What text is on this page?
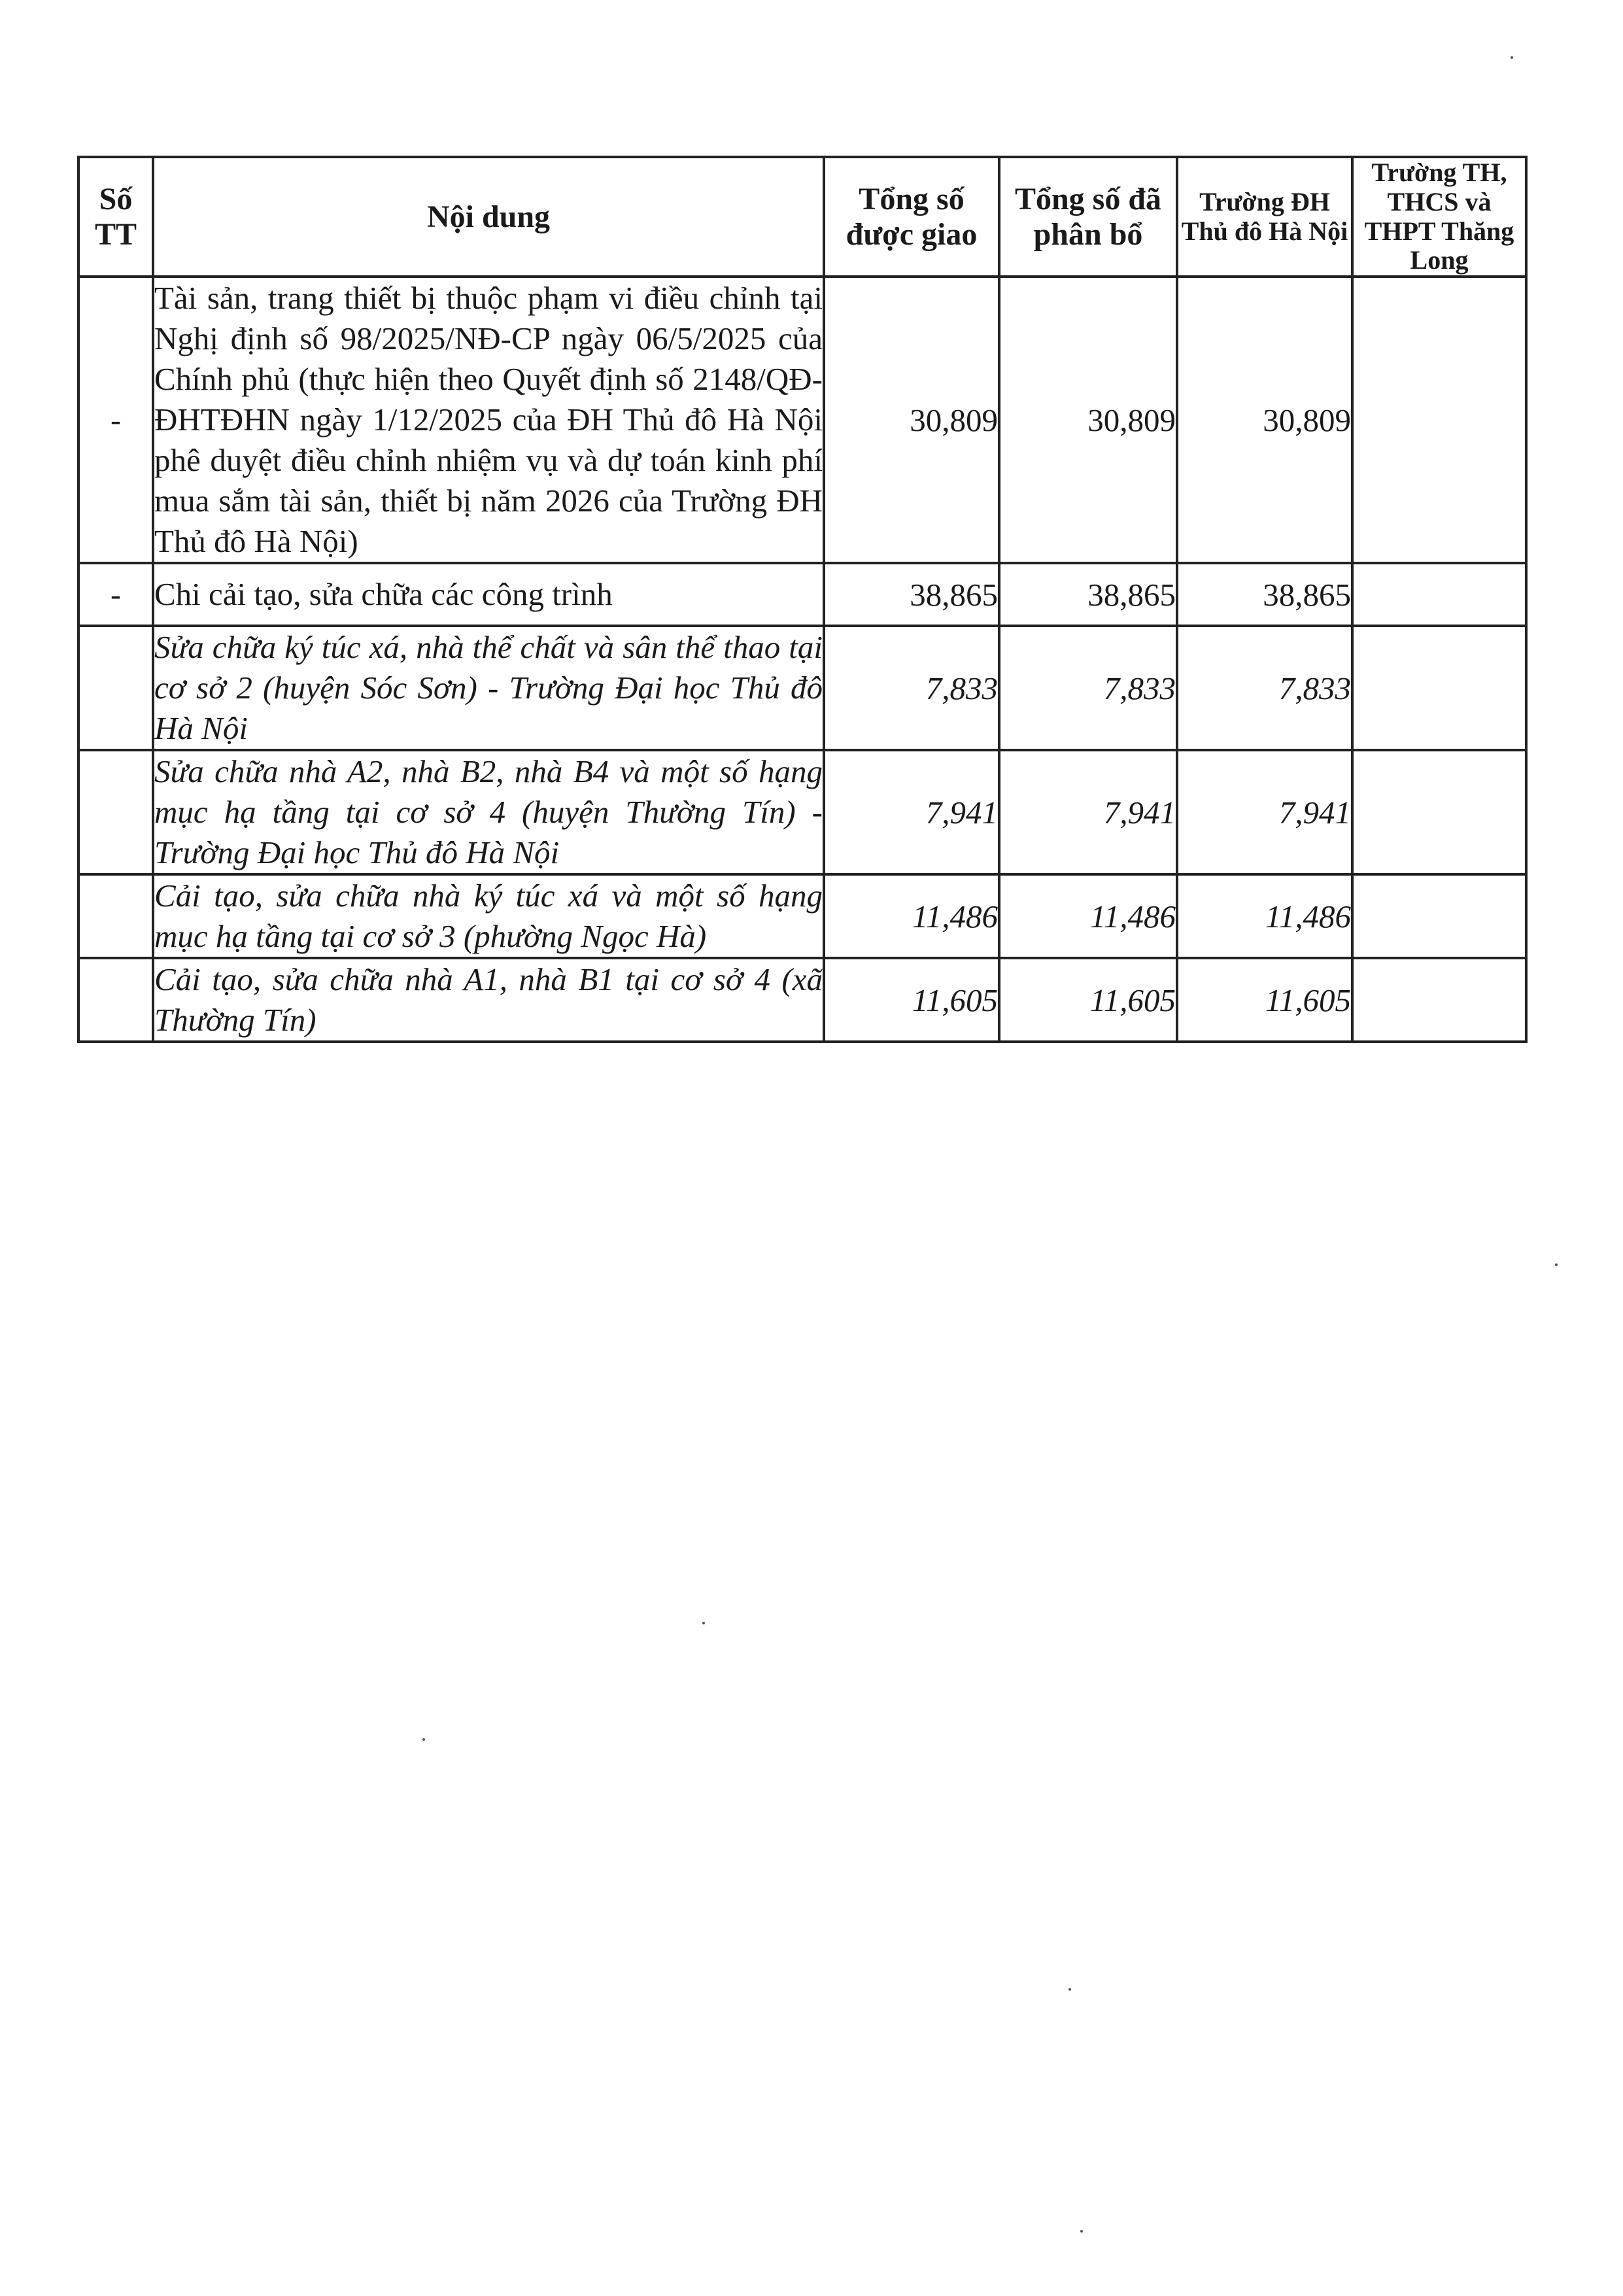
Số TT	Nội dung	Tổng số được giao	Tổng số đã phân bổ	Trường ĐH Thủ đô Hà Nội	Trường TH, THCS và THPT Thăng Long
-	Tài sản, trang thiết bị thuộc phạm vi điều chỉnh tại Nghị định số 98/2025/NĐ-CP ngày 06/5/2025 của Chính phủ (thực hiện theo Quyết định số 2148/QĐ-ĐHTĐHN ngày 1/12/2025 của ĐH Thủ đô Hà Nội phê duyệt điều chỉnh nhiệm vụ và dự toán kinh phí mua sắm tài sản, thiết bị năm 2026 của Trường ĐH Thủ đô Hà Nội)	30,809	30,809	30,809	
-	Chi cải tạo, sửa chữa các công trình	38,865	38,865	38,865	
	Sửa chữa ký túc xá, nhà thể chất và sân thể thao tại cơ sở 2 (huyện Sóc Sơn) - Trường Đại học Thủ đô Hà Nội	7,833	7,833	7,833	
	Sửa chữa nhà A2, nhà B2, nhà B4 và một số hạng mục hạ tầng tại cơ sở 4 (huyện Thường Tín) - Trường Đại học Thủ đô Hà Nội	7,941	7,941	7,941	
	Cải tạo, sửa chữa nhà ký túc xá và một số hạng mục hạ tầng tại cơ sở 3 (phường Ngọc Hà)	11,486	11,486	11,486	
	Cải tạo, sửa chữa nhà A1, nhà B1 tại cơ sở 4 (xã Thường Tín)	11,605	11,605	11,605	
